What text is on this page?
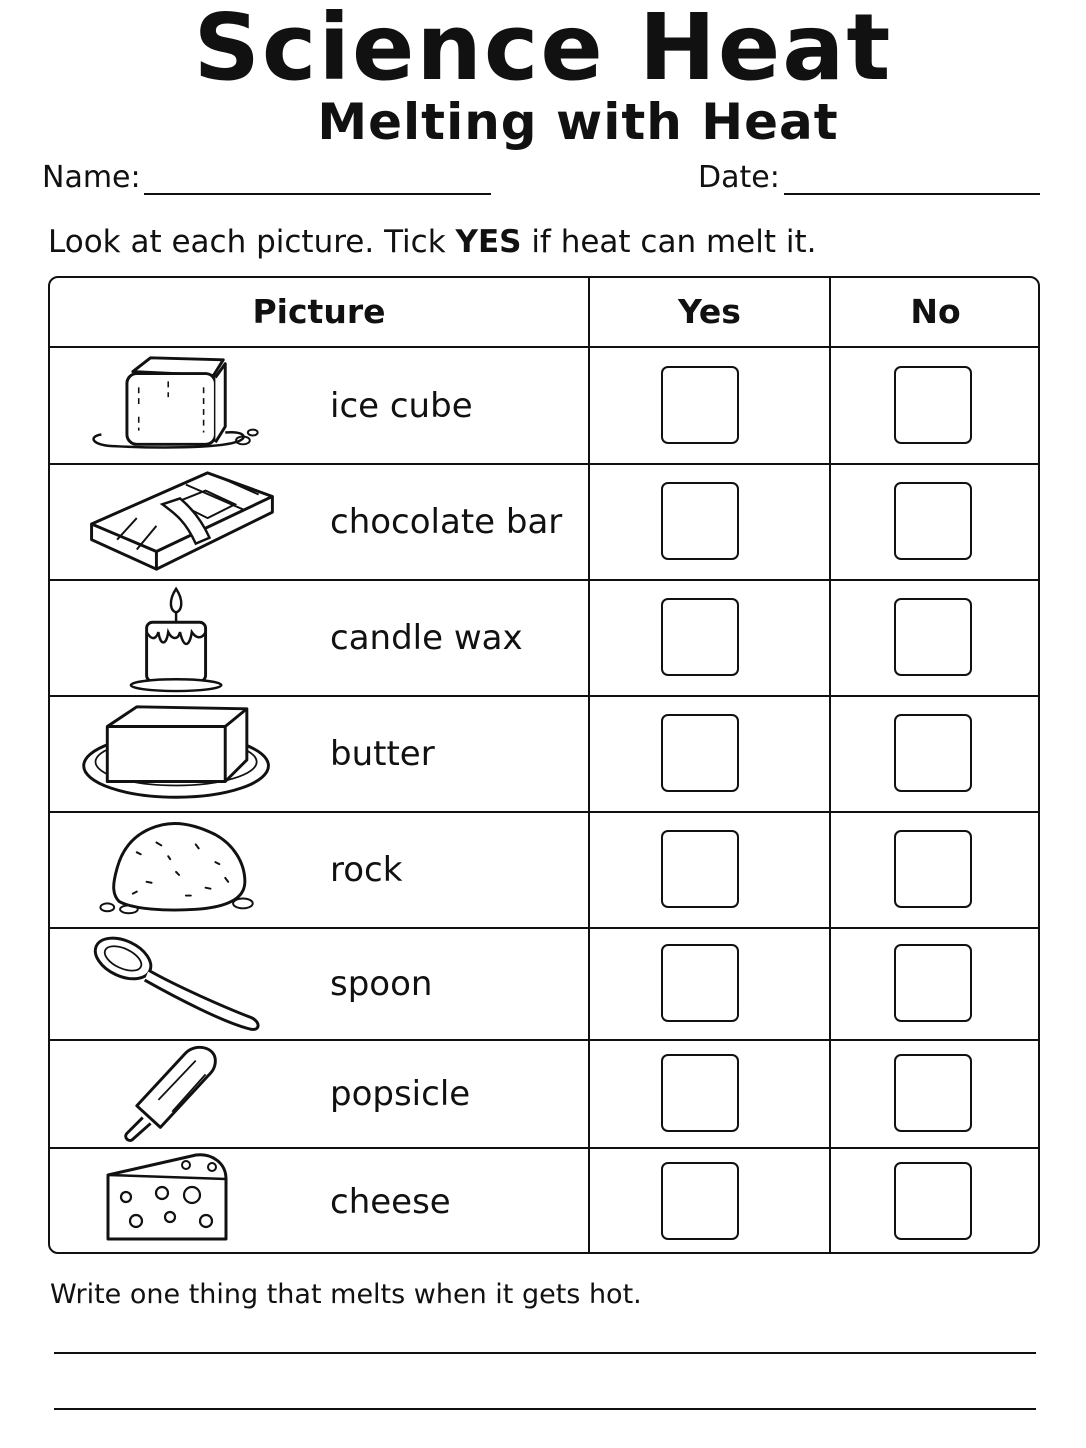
Science Heat
Melting with Heat
Name:	Date:
Look at each picture. Tick YES if heat can melt it.
Picture	Yes	No
ice cube
chocolate bar
candle wax
butter
rock
spoon
popsicle
cheese
Write one thing that melts when it gets hot.
